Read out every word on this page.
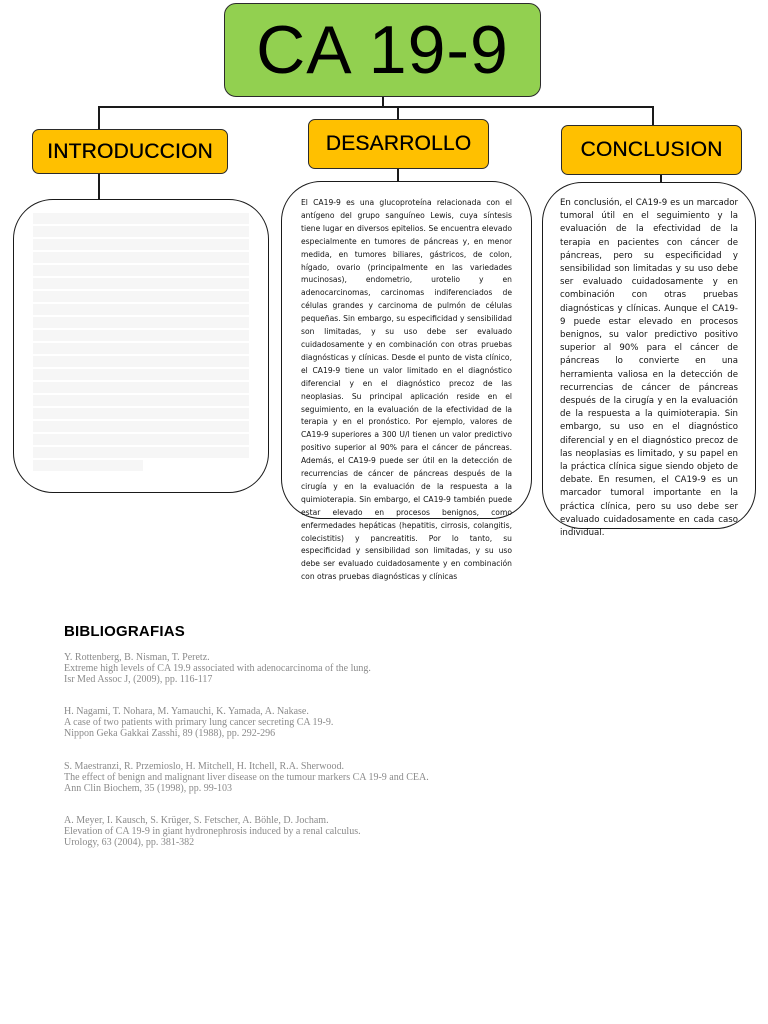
CA 19-9
INTRODUCCION	DESARROLLO	CONCLUSION

El CA19-9 es una glucoproteína relacionada con el antígeno del grupo sanguíneo Lewis, cuya síntesis tiene lugar en diversos epitelios. Se encuentra elevado especialmente en tumores de páncreas y, en menor medida, en tumores biliares, gástricos, de colon, hígado, ovario (principalmente en las variedades mucinosas), endometrio, urotelio y en adenocarcinomas, carcinomas indiferenciados de células grandes y carcinoma de pulmón de células pequeñas. Sin embargo, su especificidad y sensibilidad son limitadas, y su uso debe ser evaluado cuidadosamente y en combinación con otras pruebas diagnósticas y clínicas. Desde el punto de vista clínico, el CA19-9 tiene un valor limitado en el diagnóstico diferencial y en el diagnóstico precoz de las neoplasias. Su principal aplicación reside en el seguimiento, en la evaluación de la efectividad de la terapia y en el pronóstico. Por ejemplo, valores de CA19-9 superiores a 300 U/l tienen un valor predictivo positivo superior al 90% para el cáncer de páncreas. Además, el CA19-9 puede ser útil en la detección de recurrencias de cáncer de páncreas después de la cirugía y en la evaluación de la respuesta a la quimioterapia. Sin embargo, el CA19-9 también puede estar elevado en procesos benignos, como enfermedades hepáticas (hepatitis, cirrosis, colangitis, colecistitis) y pancreatitis. Por lo tanto, su especificidad y sensibilidad son limitadas, y su uso debe ser evaluado cuidadosamente y en combinación con otras pruebas diagnósticas y clínicas

En conclusión, el CA19-9 es un marcador tumoral útil en el seguimiento y la evaluación de la efectividad de la terapia en pacientes con cáncer de páncreas, pero su especificidad y sensibilidad son limitadas y su uso debe ser evaluado cuidadosamente y en combinación con otras pruebas diagnósticas y clínicas. Aunque el CA19-9 puede estar elevado en procesos benignos, su valor predictivo positivo superior al 90% para el cáncer de páncreas lo convierte en una herramienta valiosa en la detección de recurrencias de cáncer de páncreas después de la cirugía y en la evaluación de la respuesta a la quimioterapia. Sin embargo, su uso en el diagnóstico diferencial y en el diagnóstico precoz de las neoplasias es limitado, y su papel en la práctica clínica sigue siendo objeto de debate. En resumen, el CA19-9 es un marcador tumoral importante en la práctica clínica, pero su uso debe ser evaluado cuidadosamente en cada caso individual.

BIBLIOGRAFIAS
Y. Rottenberg, B. Nisman, T. Peretz.
Extreme high levels of CA 19.9 associated with adenocarcinoma of the lung.
Isr Med Assoc J, (2009), pp. 116-117
H. Nagami, T. Nohara, M. Yamauchi, K. Yamada, A. Nakase.
A case of two patients with primary lung cancer secreting CA 19-9.
Nippon Geka Gakkai Zasshi, 89 (1988), pp. 292-296
S. Maestranzi, R. Przemioslo, H. Mitchell, H. Itchell, R.A. Sherwood.
The effect of benign and malignant liver disease on the tumour markers CA 19-9 and CEA.
Ann Clin Biochem, 35 (1998), pp. 99-103
A. Meyer, I. Kausch, S. Krüger, S. Fetscher, A. Böhle, D. Jocham.
Elevation of CA 19-9 in giant hydronephrosis induced by a renal calculus.
Urology, 63 (2004), pp. 381-382
